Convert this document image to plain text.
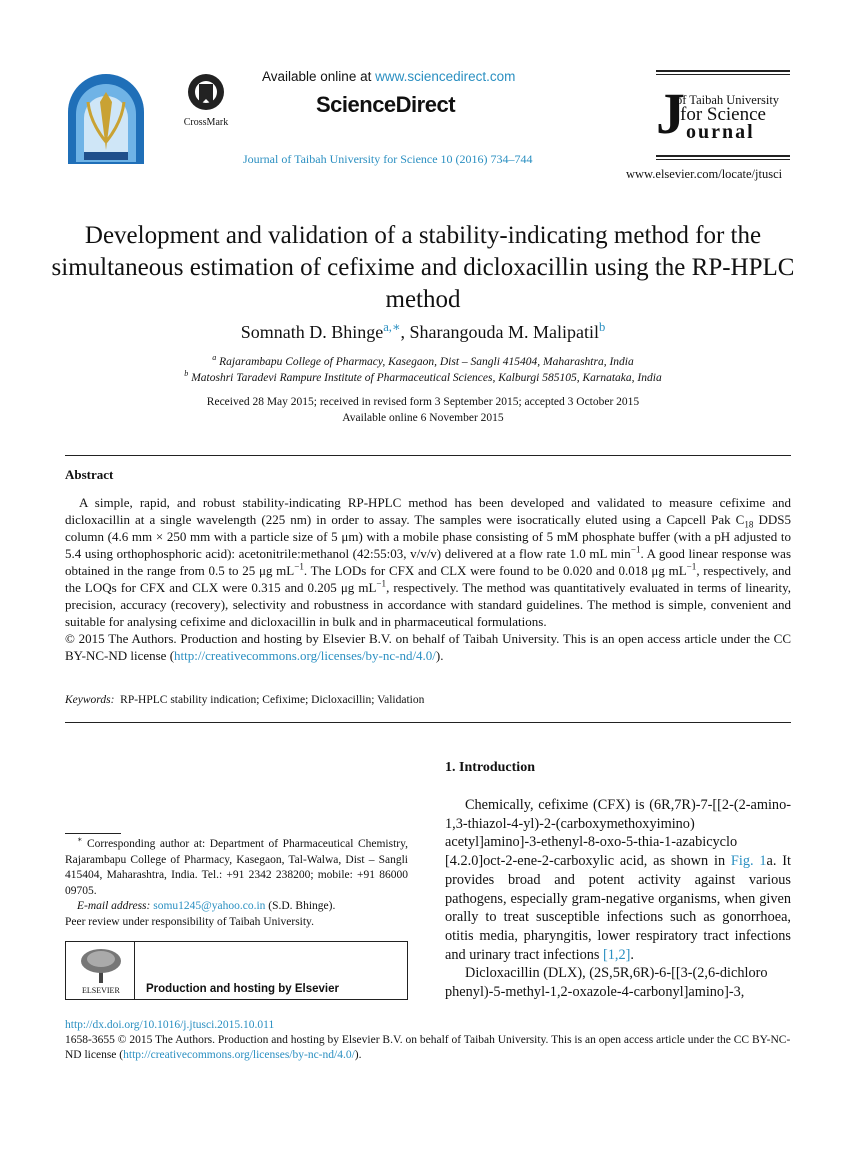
CrossMark
Available online at www.sciencedirect.com
ScienceDirect
Journal of Taibah University for Science 10 (2016) 734–744
J
of Taibah University
for Science
ournal
www.elsevier.com/locate/jtusci
Development and validation of a stability-indicating method for the simultaneous estimation of cefixime and dicloxacillin using the RP-HPLC method
Somnath D. Bhinge$^{a,∗}$, Sharangouda M. Malipatil$^b$
$^a$ Rajarambapu College of Pharmacy, Kasegaon, Dist – Sangli 415404, Maharashtra, India
$^b$ Matoshri Taradevi Rampure Institute of Pharmaceutical Sciences, Kalburgi 585105, Karnataka, India
Received 28 May 2015; received in revised form 3 September 2015; accepted 3 October 2015
Available online 6 November 2015
Abstract

A simple, rapid, and robust stability-indicating RP-HPLC method has been developed and validated to measure cefixime and dicloxacillin at a single wavelength (225 nm) in order to assay. The samples were isocratically eluted using a Capcell Pak $C_{18}$ DDS5 column (4.6 mm × 250 mm with a particle size of 5 μm) with a mobile phase consisting of 5 mM phosphate buffer (with a pH adjusted to 5.4 using orthophosphoric acid): acetonitrile:methanol (42:55:03, v/v/v) delivered at a flow rate 1.0 mL $\min^{-1}$. A good linear response was obtained in the range from 0.5 to 25 μg $mL^{-1}$. The LODs for CFX and CLX were found to be 0.020 and 0.018 μg $mL^{-1}$, respectively, and the LOQs for CFX and CLX were 0.315 and 0.205 μg $mL^{-1}$, respectively. The method was quantitatively evaluated in terms of linearity, precision, accuracy (recovery), selectivity and robustness in accordance with standard guidelines. The method is simple, convenient and suitable for analysing cefixime and dicloxacillin in bulk and in pharmaceutical formulations.

© 2015 The Authors. Production and hosting by Elsevier B.V. on behalf of Taibah University. This is an open access article under the CC BY-NC-ND license (http://creativecommons.org/licenses/by-nc-nd/4.0/).

Keywords: RP-HPLC stability indication; Cefixime; Dicloxacillin; Validation
1. Introduction

Chemically, cefixime (CFX) is (6R,7R)-7-[[2-(2-amino-1,3-thiazol-4-yl)-2-(carboxymethoxyimino) acetyl]amino]-3-ethenyl-8-oxo-5-thia-1-azabicyclo [4.2.0]oct-2-ene-2-carboxylic acid, as shown in Fig. 1a. It provides broad and potent activity against various pathogens, especially gram-negative organisms, when given orally to treat susceptible infections such as gonorrhoea, otitis media, pharyngitis, lower respiratory tract infections and urinary tract infections [1,2].

Dicloxacillin (DLX), (2S,5R,6R)-6-[[3-(2,6-dichloro phenyl)-5-methyl-1,2-oxazole-4-carbonyl]amino]-3,

∗ Corresponding author at: Department of Pharmaceutical Chemistry, Rajarambapu College of Pharmacy, Kasegaon, Tal-Walwa, Dist – Sangli 415404, Maharashtra, India. Tel.: +91 2342 238200; mobile: +91 86000 09705.

E-mail address: somu1245@yahoo.co.in (S.D. Bhinge).

Peer review under responsibility of Taibah University.

ELSEVIER Production and hosting by Elsevier
http://dx.doi.org/10.1016/j.jtusci.2015.10.011
1658-3655 © 2015 The Authors. Production and hosting by Elsevier B.V. on behalf of Taibah University. This is an open access article under the CC BY-NC-ND license (http://creativecommons.org/licenses/by-nc-nd/4.0/).
